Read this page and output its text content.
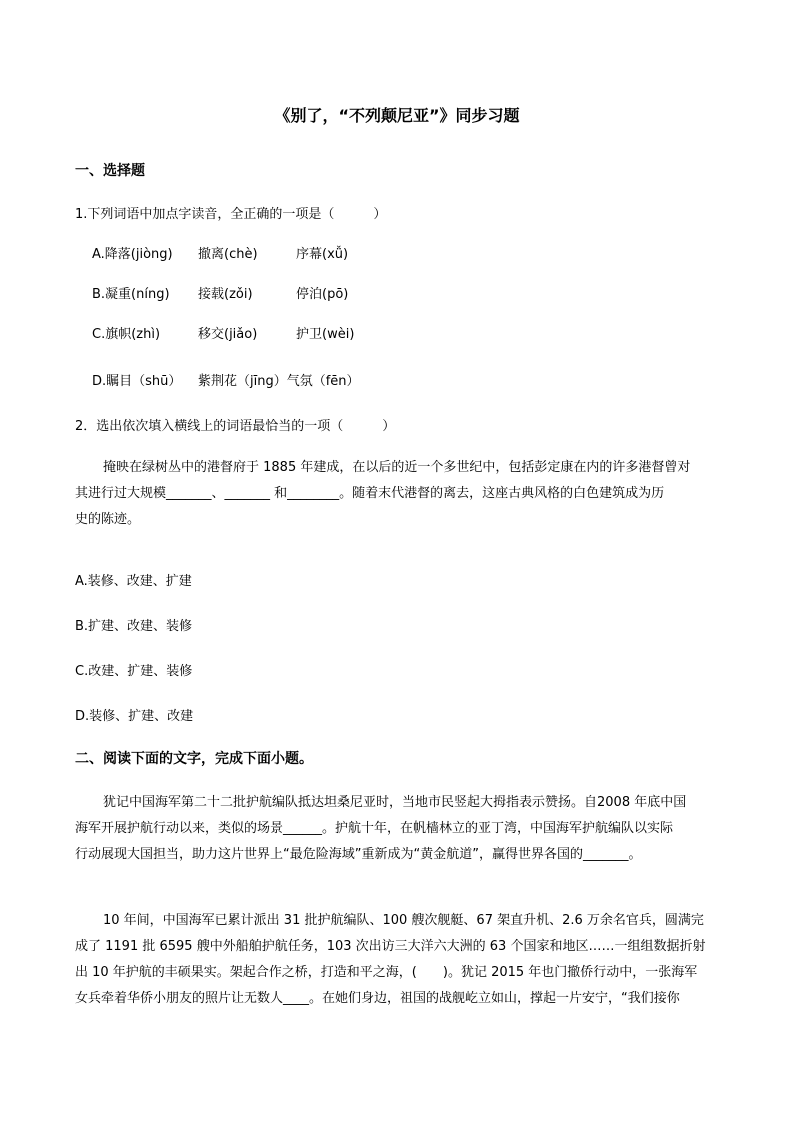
《别了，“不列颠尼亚”》同步习题
一、选择题
1.下列词语中加点字读音，全正确的一项是（　　　）
A.降落(jiòng) 撤离(chè)	序幕(xǚ)
B.凝重(níng) 接载(zǒi)	停泊(pō)
C.旗帜(zhì)	移交(jiǎo)	护卫(wèi)
D.瞩目（shū） 紫荆花（jīng）气氛（fēn）
2．选出依次填入横线上的词语最恰当的一项（　　　）

掩映在绿树丛中的港督府于 1885 年建成，在以后的近一个多世纪中，包括彭定康在内的许多港督曾对

其进行过大规模_______、_______ 和________。随着末代港督的离去，这座古典风格的白色建筑成为历

史的陈迹。

A.装修、改建、扩建
B.扩建、改建、装修
C.改建、扩建、装修
D.装修、扩建、改建
二、阅读下面的文字，完成下面小题。

犹记中国海军第二十二批护航编队抵达坦桑尼亚时，当地市民竖起大拇指表示赞扬。自2008 年底中国

海军开展护航行动以来，类似的场景______。护航十年，在帆樯林立的亚丁湾，中国海军护航编队以实际

行动展现大国担当，助力这片世界上“最危险海域”重新成为“黄金航道”，赢得世界各国的_______。

10 年间，中国海军已累计派出 31 批护航编队、100 艘次舰艇、67 架直升机、2.6 万余名官兵，圆满完

成了 1191 批 6595 艘中外船舶护航任务，103 次出访三大洋六大洲的 63 个国家和地区……一组组数据折射

出 10 年护航的丰硕果实。架起合作之桥，打造和平之海，(　　)。犹记 2015 年也门撤侨行动中，一张海军

女兵牵着华侨小朋友的照片让无数人____。在她们身边，祖国的战舰屹立如山，撑起一片安宁，“我们接你
